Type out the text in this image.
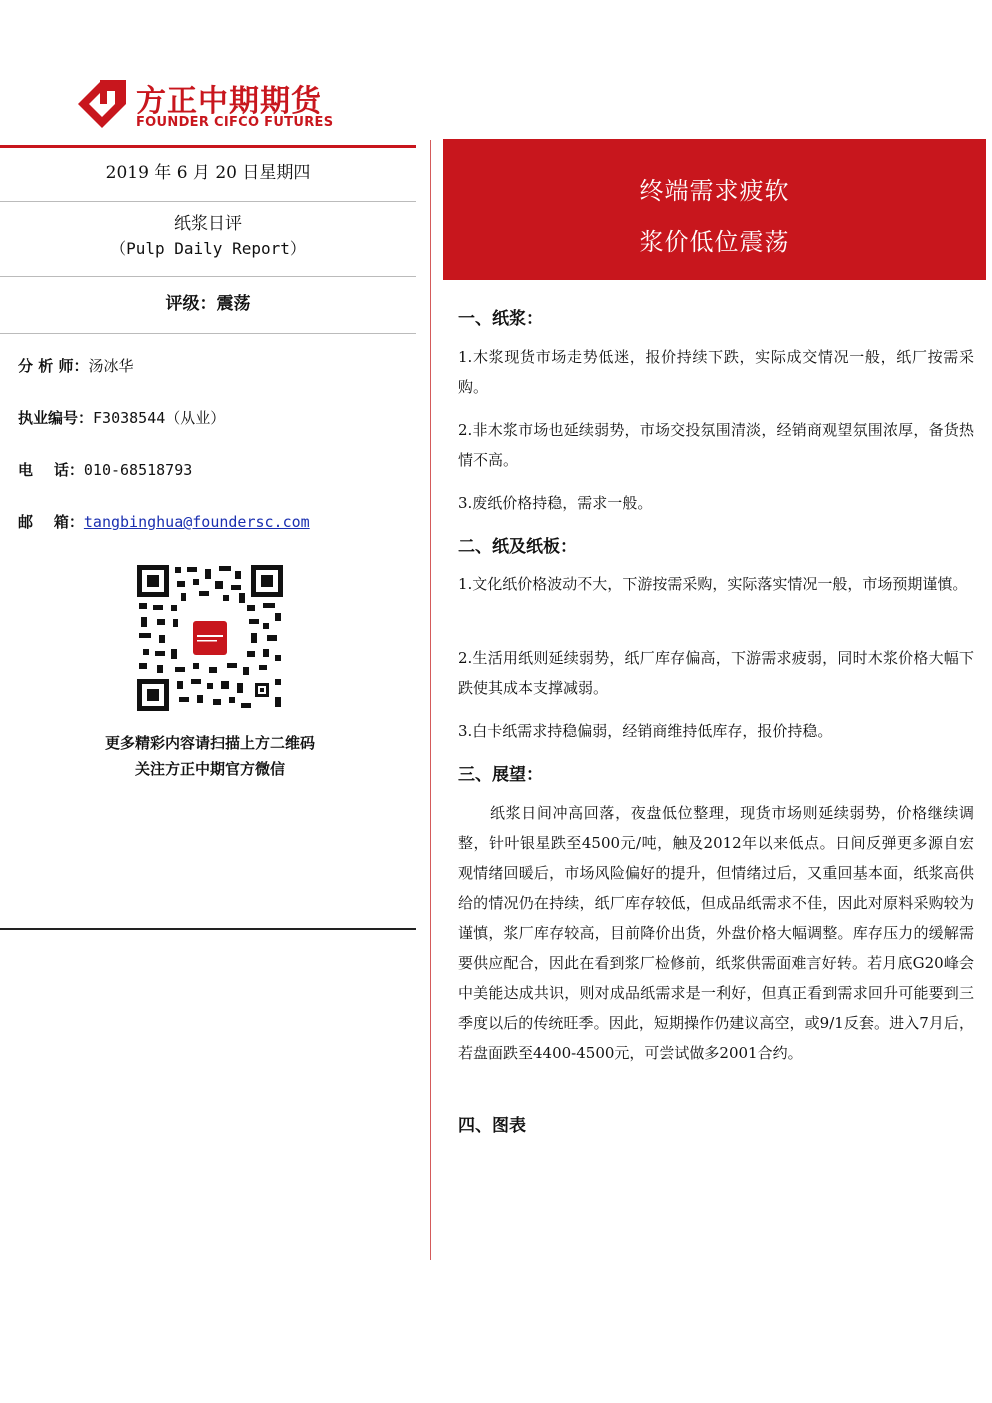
方正中期期货
FOUNDER CIFCO FUTURES
2019 年 6 月 20 日星期四
纸浆日评
（Pulp Daily Report）
评级：震荡
分 析 师：汤冰华
执业编号：F3038544（从业）
电    话：010-68518793
邮    箱：tangbinghua@foundersc.com
更多精彩内容请扫描上方二维码
关注方正中期官方微信
终端需求疲软
浆价低位震荡
一、纸浆：
1.木浆现货市场走势低迷，报价持续下跌，实际成交情况一般，纸厂按需采购。
2.非木浆市场也延续弱势，市场交投氛围清淡，经销商观望氛围浓厚，备货热情不高。
3.废纸价格持稳，需求一般。
二、纸及纸板：
1.文化纸价格波动不大，下游按需采购，实际落实情况一般，市场预期谨慎。
2.生活用纸则延续弱势，纸厂库存偏高，下游需求疲弱，同时木浆价格大幅下跌使其成本支撑减弱。
3.白卡纸需求持稳偏弱，经销商维持低库存，报价持稳。
三、展望：
纸浆日间冲高回落，夜盘低位整理，现货市场则延续弱势，价格继续调整，针叶银星跌至4500元/吨，触及2012年以来低点。日间反弹更多源自宏观情绪回暖后，市场风险偏好的提升，但情绪过后，又重回基本面，纸浆高供给的情况仍在持续，纸厂库存较低，但成品纸需求不佳，因此对原料采购较为谨慎，浆厂库存较高，目前降价出货，外盘价格大幅调整。库存压力的缓解需要供应配合，因此在看到浆厂检修前，纸浆供需面难言好转。若月底G20峰会中美能达成共识，则对成品纸需求是一利好，但真正看到需求回升可能要到三季度以后的传统旺季。因此，短期操作仍建议高空，或9/1反套。进入7月后，若盘面跌至4400-4500元，可尝试做多2001合约。
四、图表
